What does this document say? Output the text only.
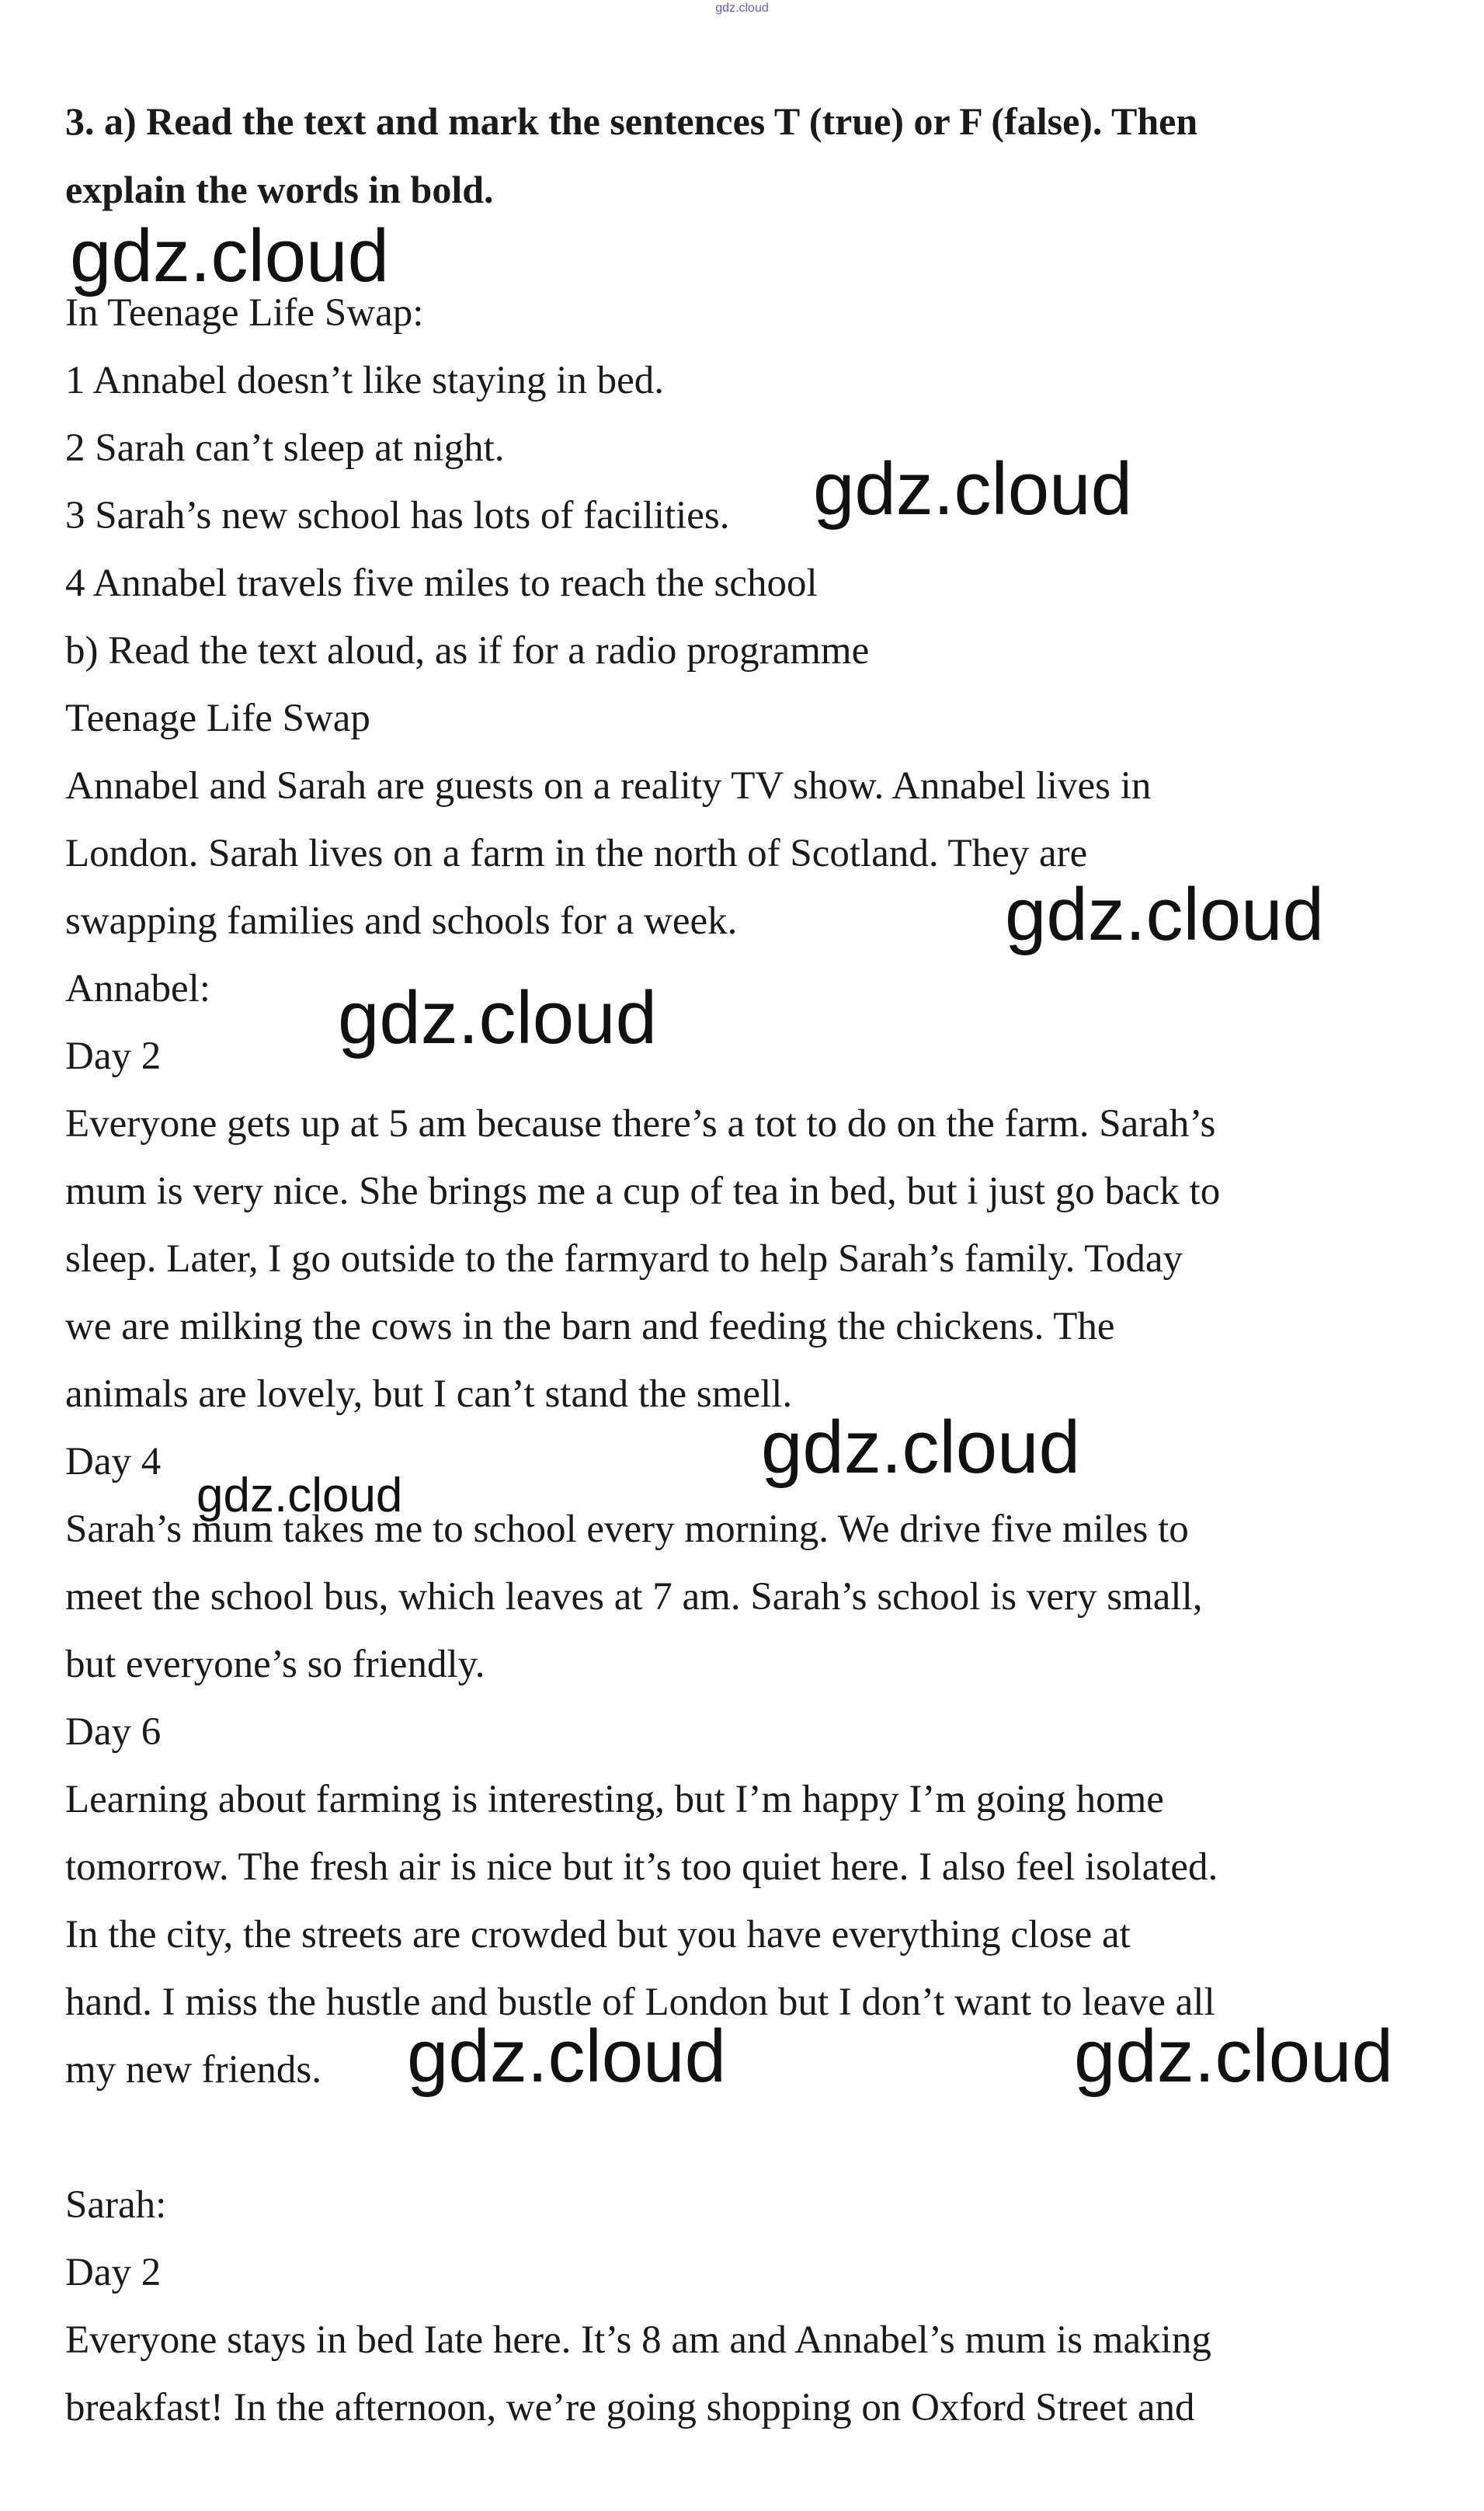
gdz.cloud

3. a) Read the text and mark the sentences T (true) or F (false). Then

explain the words in bold.

In Teenage Life Swap:

1 Annabel doesn’t like staying in bed.

2 Sarah can’t sleep at night.

3 Sarah’s new school has lots of facilities.

4 Annabel travels five miles to reach the school

b) Read the text aloud, as if for a radio programme

Teenage Life Swap

Annabel and Sarah are guests on a reality TV show. Annabel lives in

London. Sarah lives on a farm in the north of Scotland. They are

swapping families and schools for a week.

Annabel:

Day 2

Everyone gets up at 5 am because there’s a tot to do on the farm. Sarah’s

mum is very nice. She brings me a cup of tea in bed, but i just go back to

sleep. Later, I go outside to the farmyard to help Sarah’s family. Today

we are milking the cows in the barn and feeding the chickens. The

animals are lovely, but I can’t stand the smell.

Day 4

Sarah’s mum takes me to school every morning. We drive five miles to

meet the school bus, which leaves at 7 am. Sarah’s school is very small,

but everyone’s so friendly.

Day 6

Learning about farming is interesting, but I’m happy I’m going home

tomorrow. The fresh air is nice but it’s too quiet here. I also feel isolated.

In the city, the streets are crowded but you have everything close at

hand. I miss the hustle and bustle of London but I don’t want to leave all

my new friends.

Sarah:

Day 2

Everyone stays in bed Iate here. It’s 8 am and Annabel’s mum is making

breakfast! In the afternoon, we’re going shopping on Oxford Street and

gdz.cloud
gdz.cloud
gdz.cloud
gdz.cloud
gdz.cloud
gdz.cloud
gdz.cloud	gdz.cloud
